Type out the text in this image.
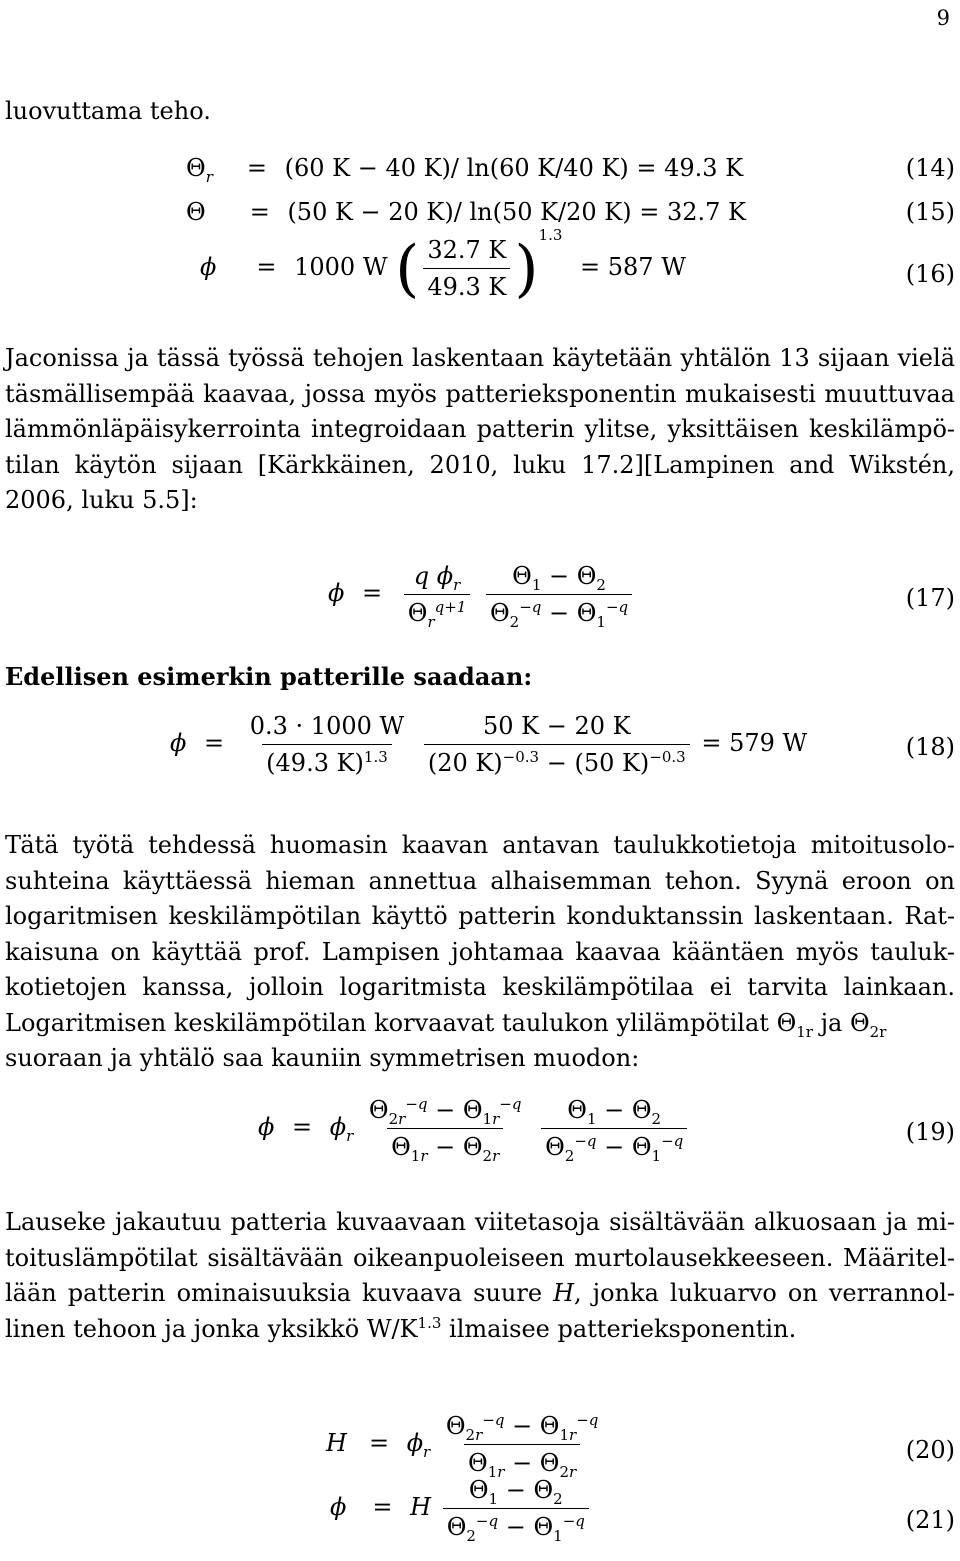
9
luovuttama teho.
$\Theta_r = (60$ K − 40 K)/ ln(60 K/40 K) = 49.3 K	(14)
Θ = (50 K − 20 K)/ ln(50 K/20 K) = 32.7 K	(15)
ϕ = 1000 W ( $\frac{32.7 K}{49.3 K} )^{1.3} = 587$ W	(16)
Jaconissa ja tässä työssä tehojen laskentaan käytetään yhtälön 13 sijaan vielä
täsmällisempää kaavaa, jossa myös patterieksponentin mukaisesti muuttuvaa
lämmönläpäisykerrointa integroidaan patterin ylitse, yksittäisen keskilämpö-
tilan käytön sijaan [Kärkkäinen, 2010, luku 17.2][Lampinen and Wikstén,
2006, luku 5.5]:
$\phi = \frac{q \phi_r}{\Theta_r^{q+1}}$
$\frac{\Theta_1 - \Theta_2}{\Theta_2^{-q} - \Theta_1^{-q}}$	(17)
Edellisen esimerkin patterille saadaan:
$\phi = \frac{0.3 \cdot 1000 W}{(49.3 K)^{1.3}}$
$\frac{50 K - 20 K}{(20 K)^{-0.3} - (50 K)^{-0.3}} = 579$ W	(18)
Tätä työtä tehdessä huomasin kaavan antavan taulukkotietoja mitoitusolo-
suhteina käyttäessä hieman annettua alhaisemman tehon. Syynä eroon on
logaritmisen keskilämpötilan käyttö patterin konduktanssin laskentaan. Rat-
kaisuna on käyttää prof. Lampisen johtamaa kaavaa kääntäen myös tauluk-
kotietojen kanssa, jolloin logaritmista keskilämpötilaa ei tarvita lainkaan.
Logaritmisen keskilämpötilan korvaavat taulukon ylilämpötilat $\Theta_{1r}$ ja $\Theta_{2r}$
suoraan ja yhtälö saa kauniin symmetrisen muodon:
$\phi = \phi_r \frac{\Theta_{2r}^{-q} - \Theta_{1r}^{-q}}{\Theta_{1r} - \Theta_{2r}}$
$\frac{\Theta_1 - \Theta_2}{\Theta_2^{-q} - \Theta_1^{-q}}$	(19)
Lauseke jakautuu patteria kuvaavaan viitetasoja sisältävään alkuosaan ja mi-
toituslämpötilat sisältävään oikeanpuoleiseen murtolausekkeeseen. Määritel-
lään patterin ominaisuuksia kuvaava suure H, jonka lukuarvo on verrannol-
linen tehoon ja jonka yksikkö $W/K^{1.3}$ ilmaisee patterieksponentin.
$H = \phi_r \frac{\Theta_{2r}^{-q} - \Theta_{1r}^{-q}}{\Theta_{1r} - \Theta_{2r}}$	(20)
ϕ = H $\frac{\Theta_1 - \Theta_2}{\Theta_2^{-q} - \Theta_1^{-q}}$	(21)
